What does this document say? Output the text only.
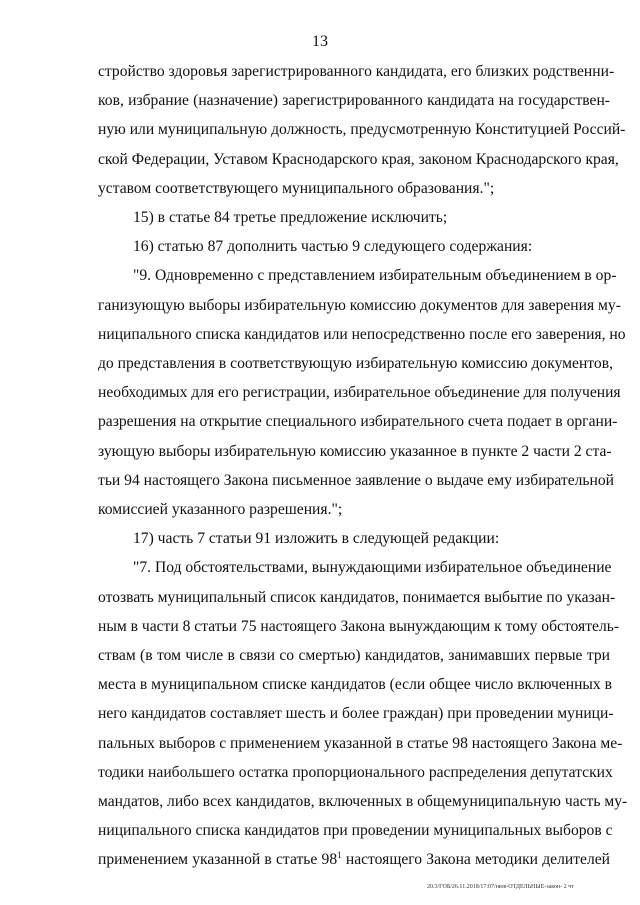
13
стройство здоровья зарегистрированного кандидата, его близких родственни-
ков, избрание (назначение) зарегистрированного кандидата на государствен-
ную или муниципальную должность, предусмотренную Конституцией Россий-
ской Федерации, Уставом Краснодарского края, законом Краснодарского края,
уставом соответствующего муниципального образования.";
15) в статье 84 третье предложение исключить;
16) статью 87 дополнить частью 9 следующего содержания:
"9. Одновременно с представлением избирательным объединением в ор-
ганизующую выборы избирательную комиссию документов для заверения му-
ниципального списка кандидатов или непосредственно после его заверения, но
до представления в соответствующую избирательную комиссию документов,
необходимых для его регистрации, избирательное объединение для получения
разрешения на открытие специального избирательного счета подает в органи-
зующую выборы избирательную комиссию указанное в пункте 2 части 2 ста-
тьи 94 настоящего Закона письменное заявление о выдаче ему избирательной
комиссией указанного разрешения.";
17) часть 7 статьи 91 изложить в следующей редакции:
"7. Под обстоятельствами, вынуждающими избирательное объединение
отозвать муниципальный список кандидатов, понимается выбытие по указан-
ным в части 8 статьи 75 настоящего Закона вынуждающим к тому обстоятель-
ствам (в том числе в связи со смертью) кандидатов, занимавших первые три
места в муниципальном списке кандидатов (если общее число включенных в
него кандидатов составляет шесть и более граждан) при проведении муници-
пальных выборов с применением указанной в статье 98 настоящего Закона ме-
тодики наибольшего остатка пропорционального распределения депутатских
мандатов, либо всех кандидатов, включенных в общемуниципальную часть му-
ниципального списка кандидатов при проведении муниципальных выборов с
применением указанной в статье $98^1$ настоящего Закона методики делителей
20.3/ГОБ/26.11.2018/17:07/нюв-ОТДЕЛЬНЫЕ-закон- 2 чт
